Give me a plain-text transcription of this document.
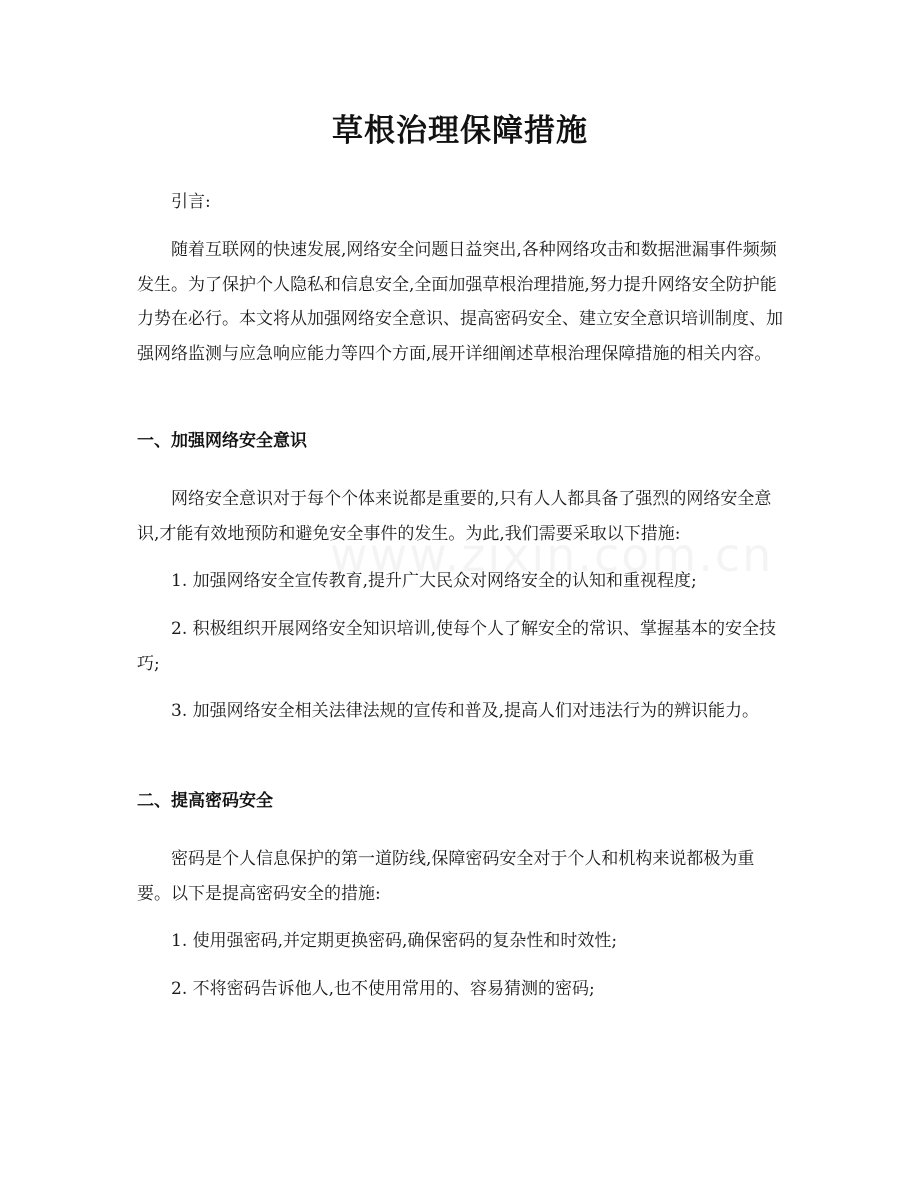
草根治理保障措施

引言:

随着互联网的快速发展,网络安全问题日益突出,各种网络攻击和数据泄漏事件频频发生。为了保护个人隐私和信息安全,全面加强草根治理措施,努力提升网络安全防护能力势在必行。本文将从加强网络安全意识、提高密码安全、建立安全意识培训制度、加强网络监测与应急响应能力等四个方面,展开详细阐述草根治理保障措施的相关内容。

一、加强网络安全意识

网络安全意识对于每个个体来说都是重要的,只有人人都具备了强烈的网络安全意识,才能有效地预防和避免安全事件的发生。为此,我们需要采取以下措施:

1. 加强网络安全宣传教育,提升广大民众对网络安全的认知和重视程度;

2. 积极组织开展网络安全知识培训,使每个人了解安全的常识、掌握基本的安全技巧;

3. 加强网络安全相关法律法规的宣传和普及,提高人们对违法行为的辨识能力。

二、提高密码安全

密码是个人信息保护的第一道防线,保障密码安全对于个人和机构来说都极为重要。以下是提高密码安全的措施:

1. 使用强密码,并定期更换密码,确保密码的复杂性和时效性;

2. 不将密码告诉他人,也不使用常用的、容易猜测的密码;
